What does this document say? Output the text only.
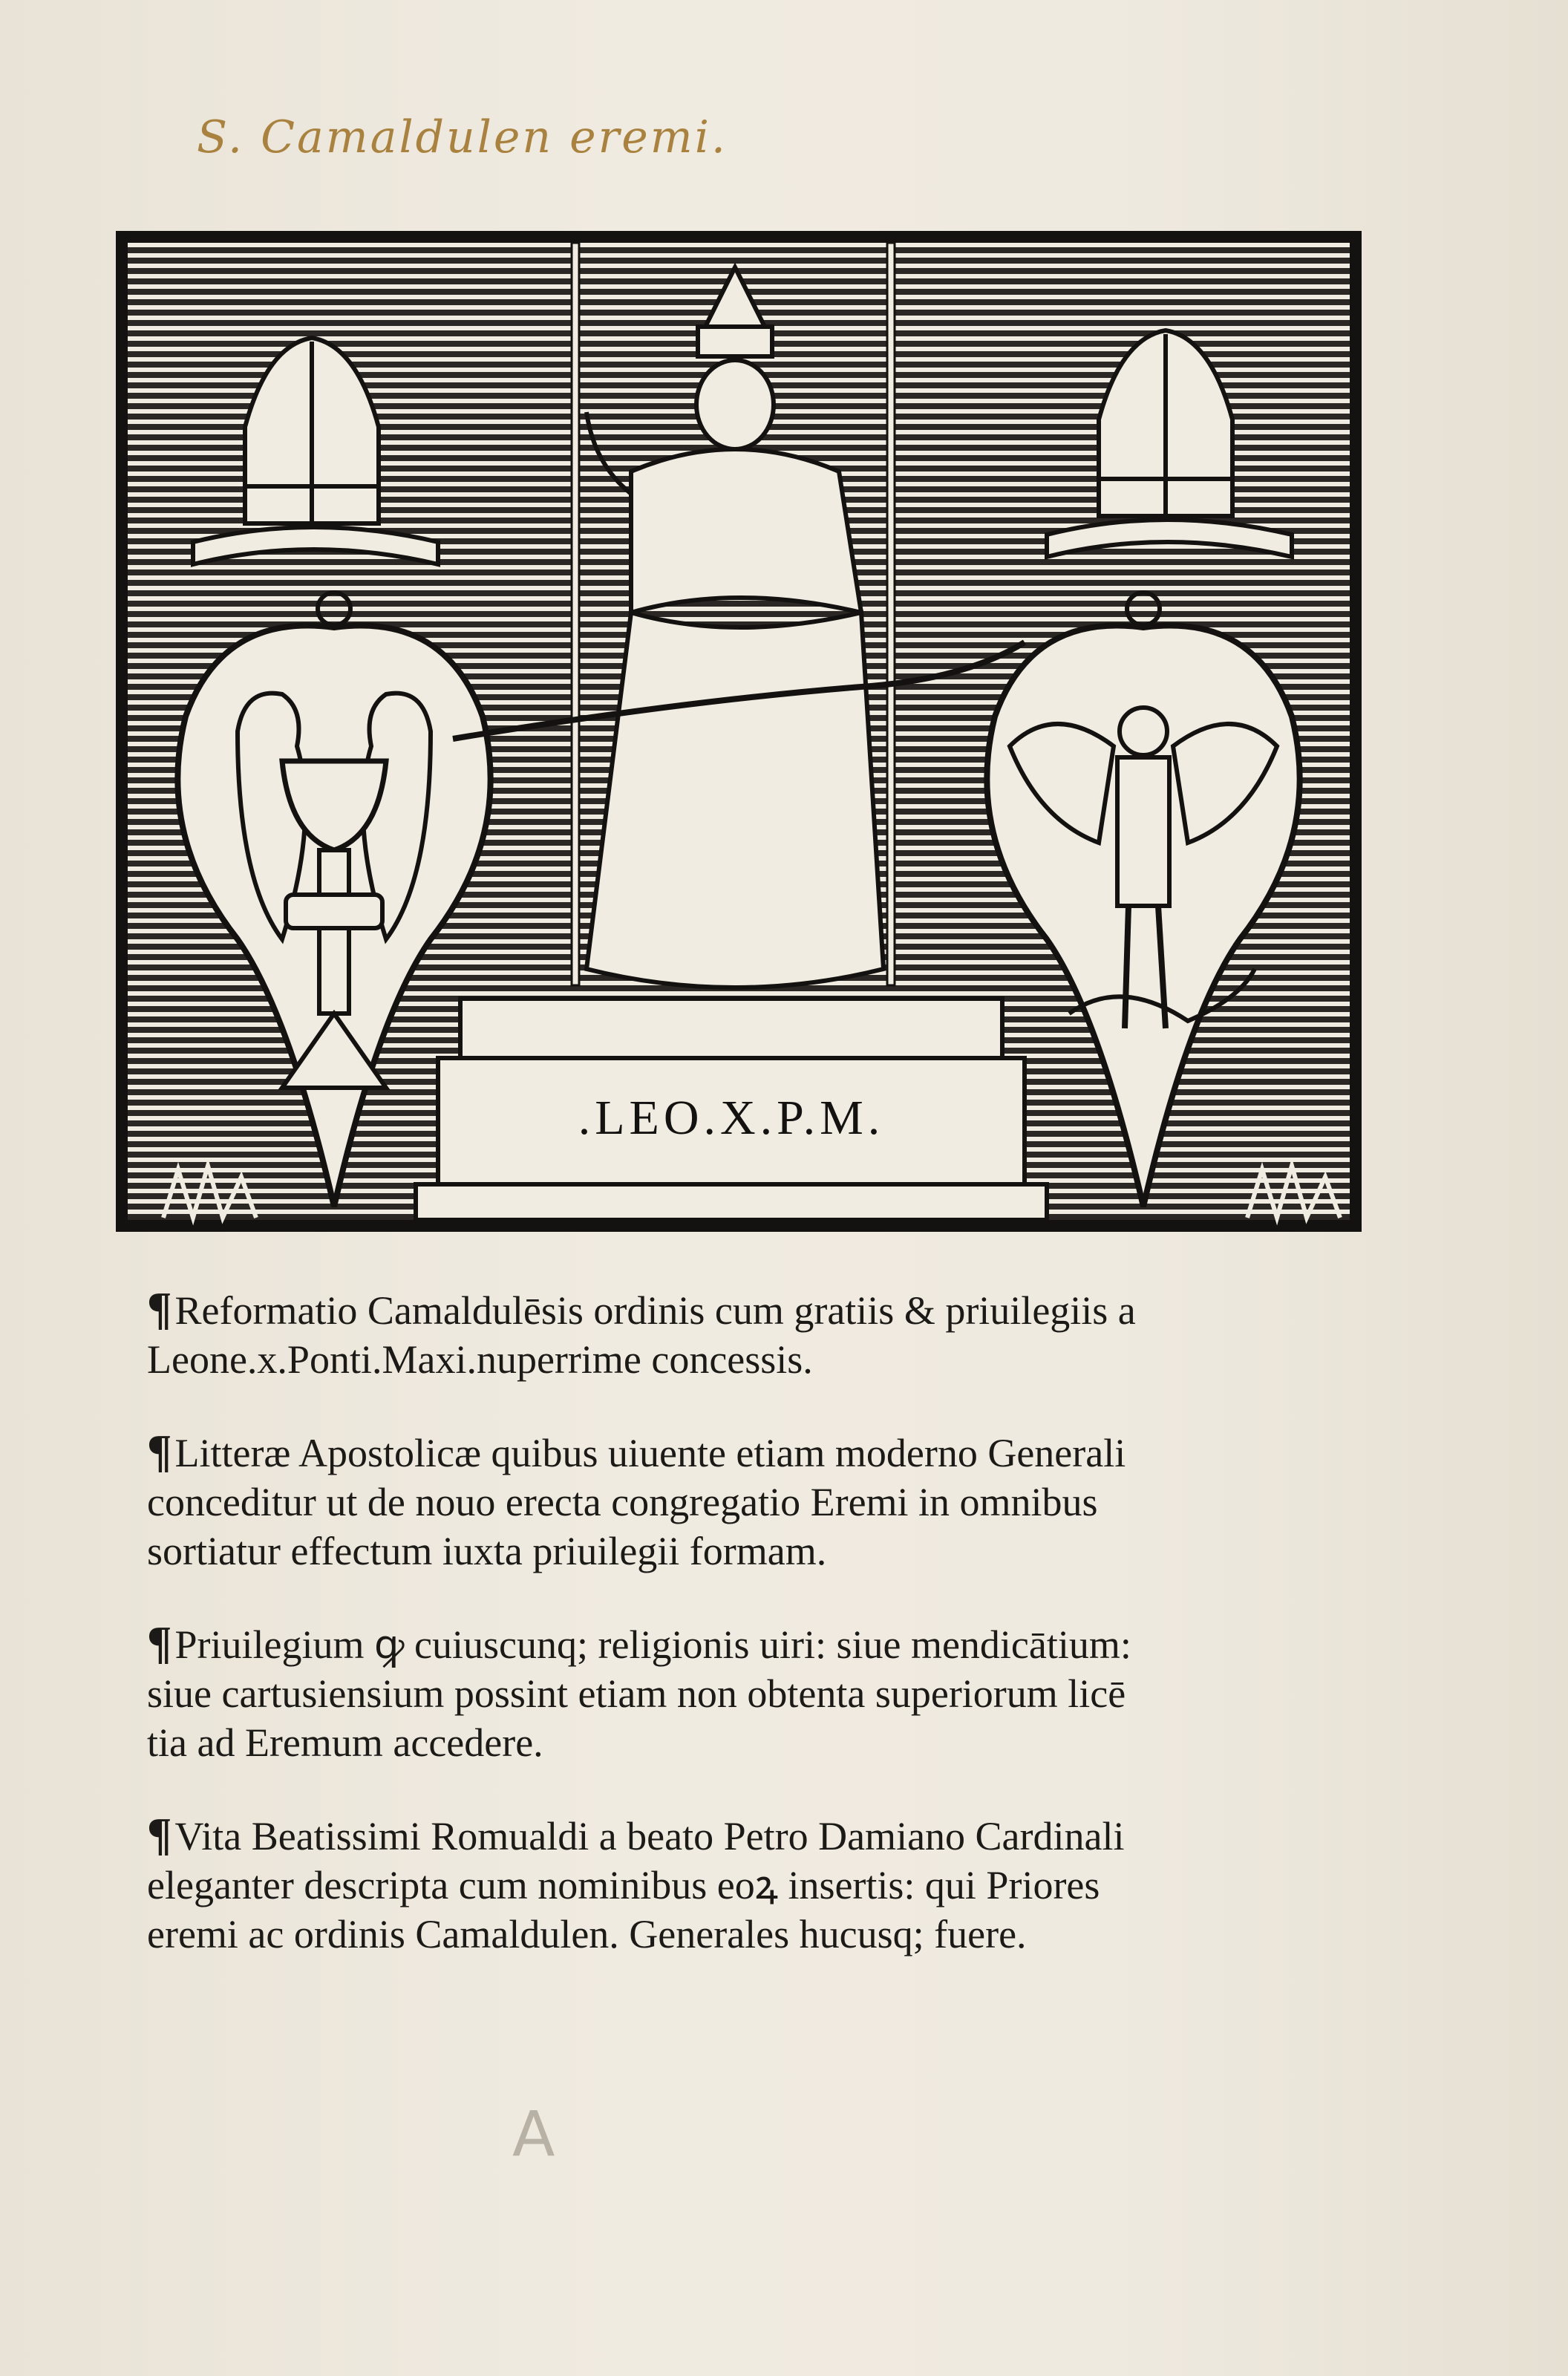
S. Camaldulen eremi.
.LEO.X.P.M.
¶Reformatio Camaldulēsis ordinis cum gratiis & priuilegiis a
Leone.x.Ponti.Maxi.nuperrime concessis.
¶Litteræ Apostolicæ quibus uiuente etiam moderno Generali
conceditur ut de nouo erecta congregatio Eremi in omnibus
sortiatur effectum iuxta priuilegii formam.
¶Priuilegium ꝙ cuiuscunq; religionis uiri: siue mendicātium:
siue cartusiensium possint etiam non obtenta superiorum licē
tia ad Eremum accedere.
¶Vita Beatissimi Romualdi a beato Petro Damiano Cardinali
eleganter descripta cum nominibus eoꝝ insertis: qui Priores
eremi ac ordinis Camaldulen. Generales hucusq; fuere.
A
